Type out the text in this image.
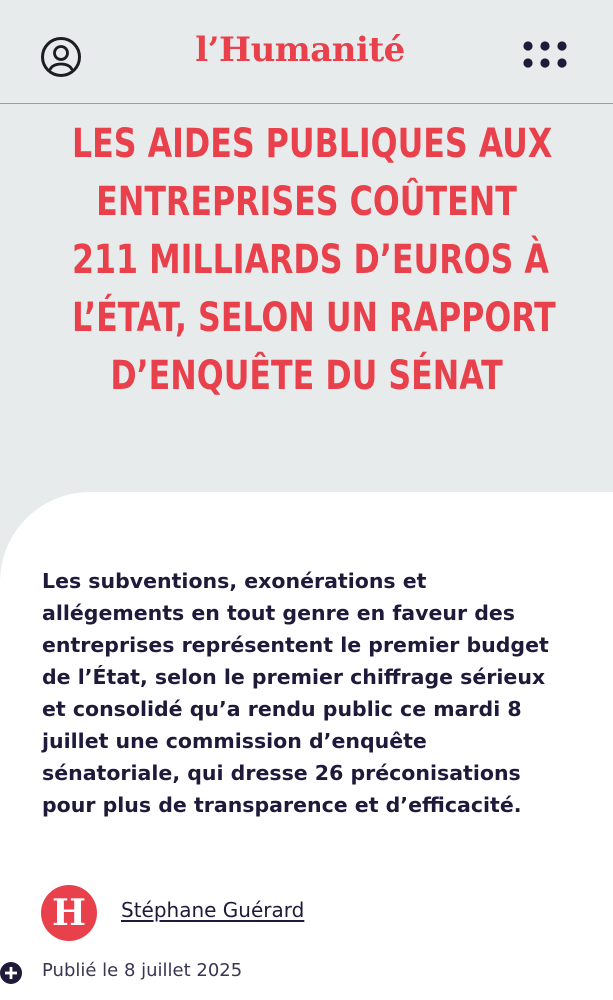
l’Humanité
LES AIDES PUBLIQUES AUX
ENTREPRISES COÛTENT
211 MILLIARDS D’EUROS À
L’ÉTAT, SELON UN RAPPORT
D’ENQUÊTE DU SÉNAT

Les subventions, exonérations et allégements en tout genre en faveur des entreprises représentent le premier budget de l’État, selon le premier chiffrage sérieux et consolidé qu’a rendu public ce mardi 8 juillet une commission d’enquête sénatoriale, qui dresse 26 préconisations pour plus de transparence et d’efficacité.

H Stéphane Guérard
Publié le 8 juillet 2025
